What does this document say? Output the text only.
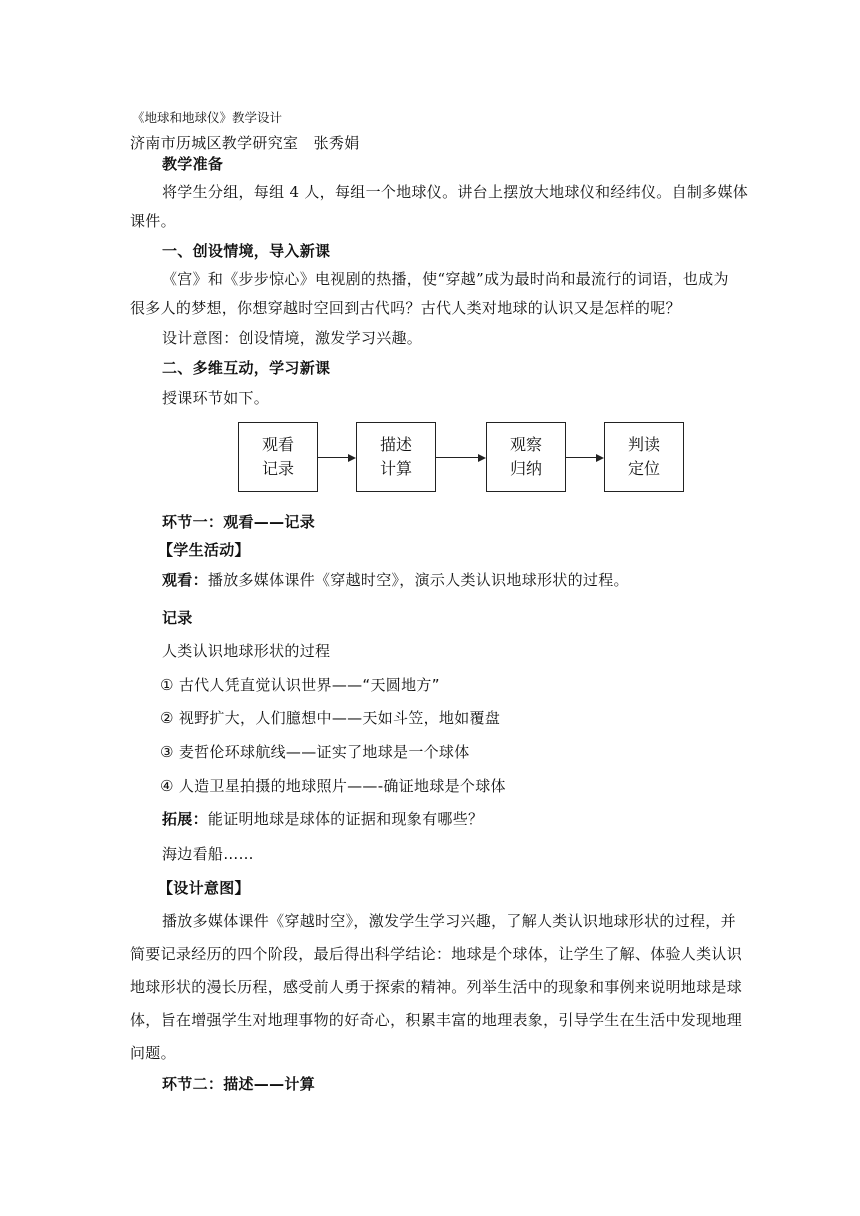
《地球和地球仪》教学设计
济南市历城区教学研究室　张秀娟
教学准备
将学生分组，每组 4 人，每组一个地球仪。讲台上摆放大地球仪和经纬仪。自制多媒体
课件。
一、创设情境，导入新课
《宫》和《步步惊心》电视剧的热播，使“穿越”成为最时尚和最流行的词语，也成为
很多人的梦想，你想穿越时空回到古代吗？古代人类对地球的认识又是怎样的呢？
设计意图：创设情境，激发学习兴趣。
二、多维互动，学习新课
授课环节如下。
观看
记录
描述
计算
观察
归纳
判读
定位
环节一：观看——记录
【学生活动】
观看：播放多媒体课件《穿越时空》，演示人类认识地球形状的过程。
记录
人类认识地球形状的过程
① 古代人凭直觉认识世界——“天圆地方”
② 视野扩大，人们臆想中——天如斗笠，地如覆盘
③ 麦哲伦环球航线——证实了地球是一个球体
④ 人造卫星拍摄的地球照片——-确证地球是个球体
拓展：能证明地球是球体的证据和现象有哪些？
海边看船……
【设计意图】
播放多媒体课件《穿越时空》，激发学生学习兴趣，了解人类认识地球形状的过程，并
简要记录经历的四个阶段，最后得出科学结论：地球是个球体，让学生了解、体验人类认识
地球形状的漫长历程，感受前人勇于探索的精神。列举生活中的现象和事例来说明地球是球
体，旨在增强学生对地理事物的好奇心，积累丰富的地理表象，引导学生在生活中发现地理
问题。
环节二：描述——计算
